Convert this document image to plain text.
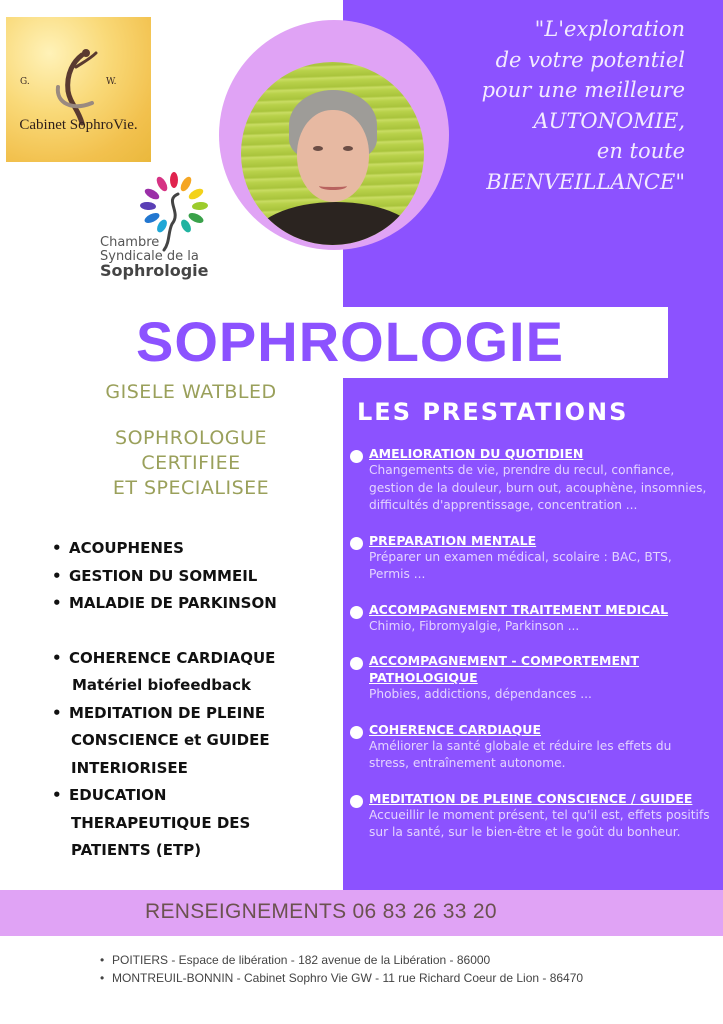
G.	W.
Cabinet SophroVie.
Chambre
Syndicale de la
Sophrologie
"L'exploration
de votre potentiel
pour une meilleure
AUTONOMIE,
en toute
BIENVEILLANCE"
SOPHROLOGIE
GISELE WATBLED
SOPHROLOGUE
CERTIFIEE
ET SPECIALISEE
• ACOUPHENES
• GESTION DU SOMMEIL
• MALADIE DE PARKINSON
• COHERENCE CARDIAQUE
Matériel biofeedback
• MEDITATION DE PLEINE
CONSCIENCE et GUIDEE
INTERIORISEE
• EDUCATION
THERAPEUTIQUE DES
PATIENTS (ETP)
LES PRESTATIONS
AMELIORATION DU QUOTIDIEN
Changements de vie, prendre du recul, confiance, gestion de la douleur, burn out, acouphène, insomnies, difficultés d'apprentissage, concentration ...
PREPARATION MENTALE
Préparer un examen médical, scolaire : BAC, BTS, Permis ...
ACCOMPAGNEMENT TRAITEMENT MEDICAL
Chimio, Fibromyalgie, Parkinson ...
ACCOMPAGNEMENT - COMPORTEMENT PATHOLOGIQUE
Phobies, addictions, dépendances ...
COHERENCE CARDIAQUE
Améliorer la santé globale et réduire les effets du stress, entraînement autonome.
MEDITATION DE PLEINE CONSCIENCE / GUIDEE
Accueillir le moment présent, tel qu'il est, effets positifs sur la santé, sur le bien-être et le goût du bonheur.
RENSEIGNEMENTS 06 83 26 33 20
• POITIERS - Espace de libération - 182 avenue de la Libération - 86000
• MONTREUIL-BONNIN - Cabinet Sophro Vie GW - 11 rue Richard Coeur de Lion - 86470
